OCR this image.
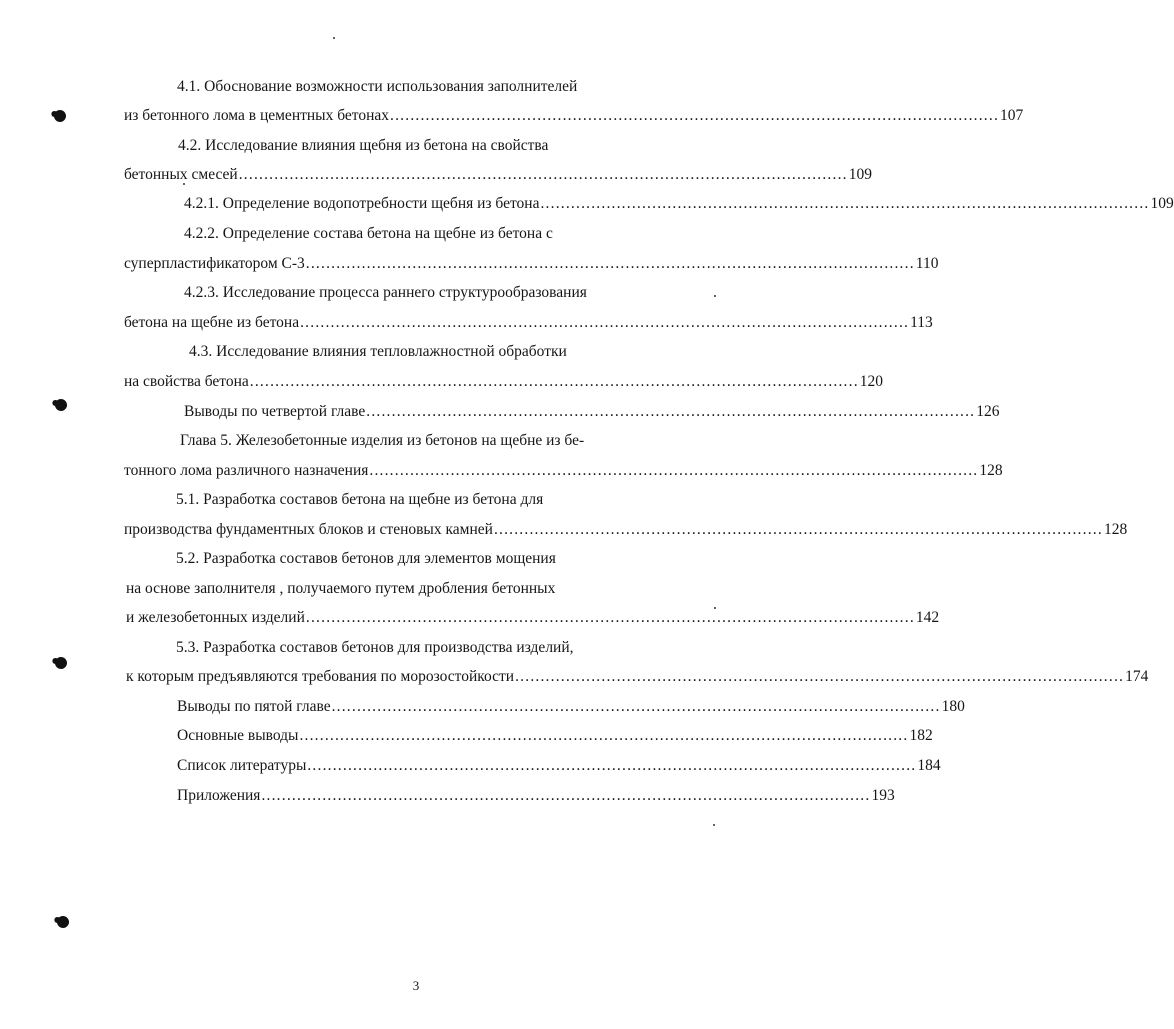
4.1. Обоснование возможности использования заполнителей
из бетонного лома в цементных бетонах ........................................................................................................................ 107
4.2. Исследование влияния щебня из бетона на свойства
бетонных смесей ........................................................................................................................ 109
4.2.1. Определение водопотребности щебня из бетона ........................................................................................................................ 109
4.2.2. Определение состава бетона на щебне из бетона с
суперпластификатором С-3 ........................................................................................................................ 110
4.2.3. Исследование процесса раннего структурообразования
бетона на щебне из бетона ........................................................................................................................ 113
4.3. Исследование влияния тепловлажностной обработки
на свойства бетона ........................................................................................................................ 120
Выводы по четвертой главе ........................................................................................................................ 126
Глава 5. Железобетонные изделия из бетонов на щебне из бе-
тонного лома различного назначения ........................................................................................................................ 128
5.1. Разработка составов бетона на щебне из бетона для
производства фундаментных блоков и стеновых камней ........................................................................................................................ 128
5.2. Разработка составов бетонов для элементов мощения
на основе заполнителя , получаемого путем дробления бетонных
и железобетонных изделий ........................................................................................................................ 142
5.3. Разработка составов бетонов для производства изделий,
к которым предъявляются требования по морозостойкости ........................................................................................................................ 174
Выводы по пятой главе ........................................................................................................................ 180
Основные выводы ........................................................................................................................ 182
Список литературы ........................................................................................................................ 184
Приложения ........................................................................................................................ 193
3
